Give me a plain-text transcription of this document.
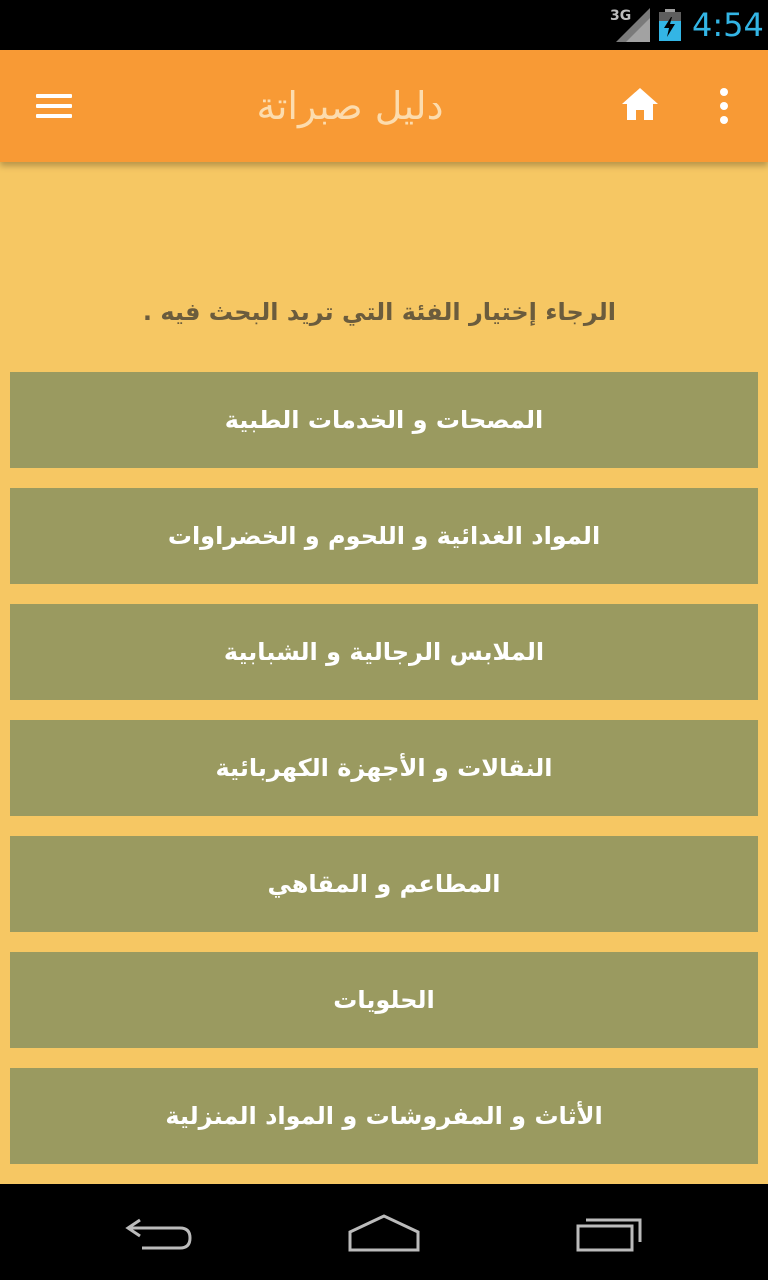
3G 4:54
دليل صبراتة
الرجاء إختيار الفئة التي تريد البحث فيه .
المصحات و الخدمات الطبية
المواد الغدائية و اللحوم و الخضراوات
الملابس الرجالية و الشبابية
النقالات و الأجهزة الكهربائية
المطاعم و المقاهي
الحلويات
الأثاث و المفروشات و المواد المنزلية
